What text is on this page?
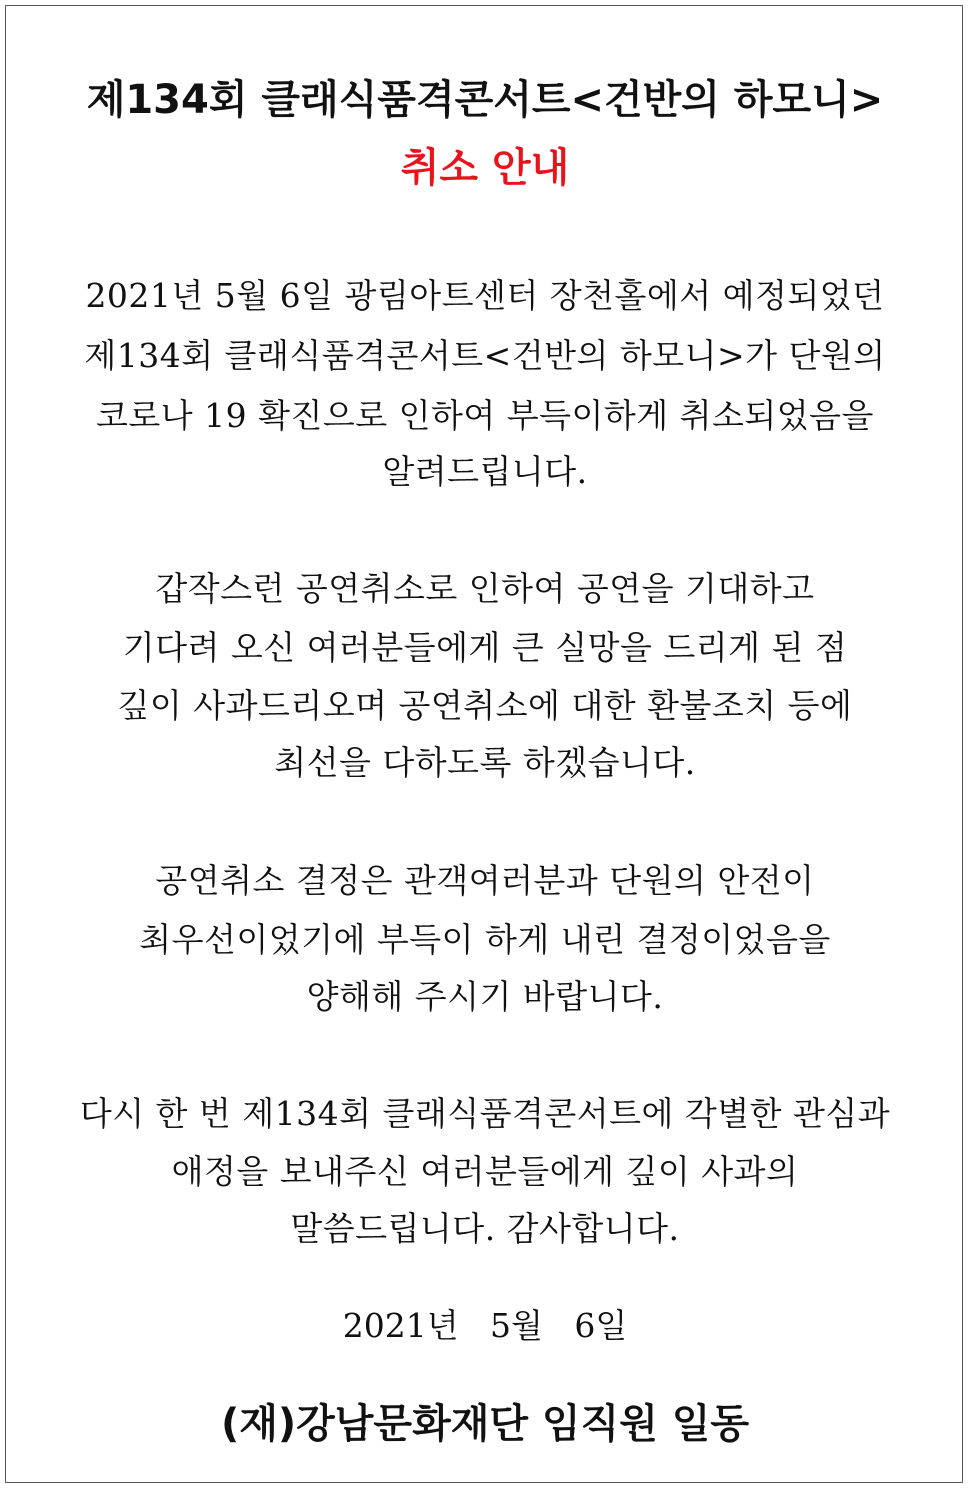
제134회 클래식품격콘서트<건반의 하모니>
취소 안내
2021년 5월 6일 광림아트센터 장천홀에서 예정되었던
제134회 클래식품격콘서트<건반의 하모니>가 단원의
코로나 19 확진으로 인하여 부득이하게 취소되었음을
알려드립니다.
갑작스런 공연취소로 인하여 공연을 기대하고
기다려 오신 여러분들에게 큰 실망을 드리게 된 점
깊이 사과드리오며 공연취소에 대한 환불조치 등에
최선을 다하도록 하겠습니다.
공연취소 결정은 관객여러분과 단원의 안전이
최우선이었기에 부득이 하게 내린 결정이었음을
양해해 주시기 바랍니다.
다시 한 번 제134회 클래식품격콘서트에 각별한 관심과
애정을 보내주신 여러분들에게 깊이 사과의
말씀드립니다. 감사합니다.
2021년   5월   6일
(재)강남문화재단 임직원 일동
